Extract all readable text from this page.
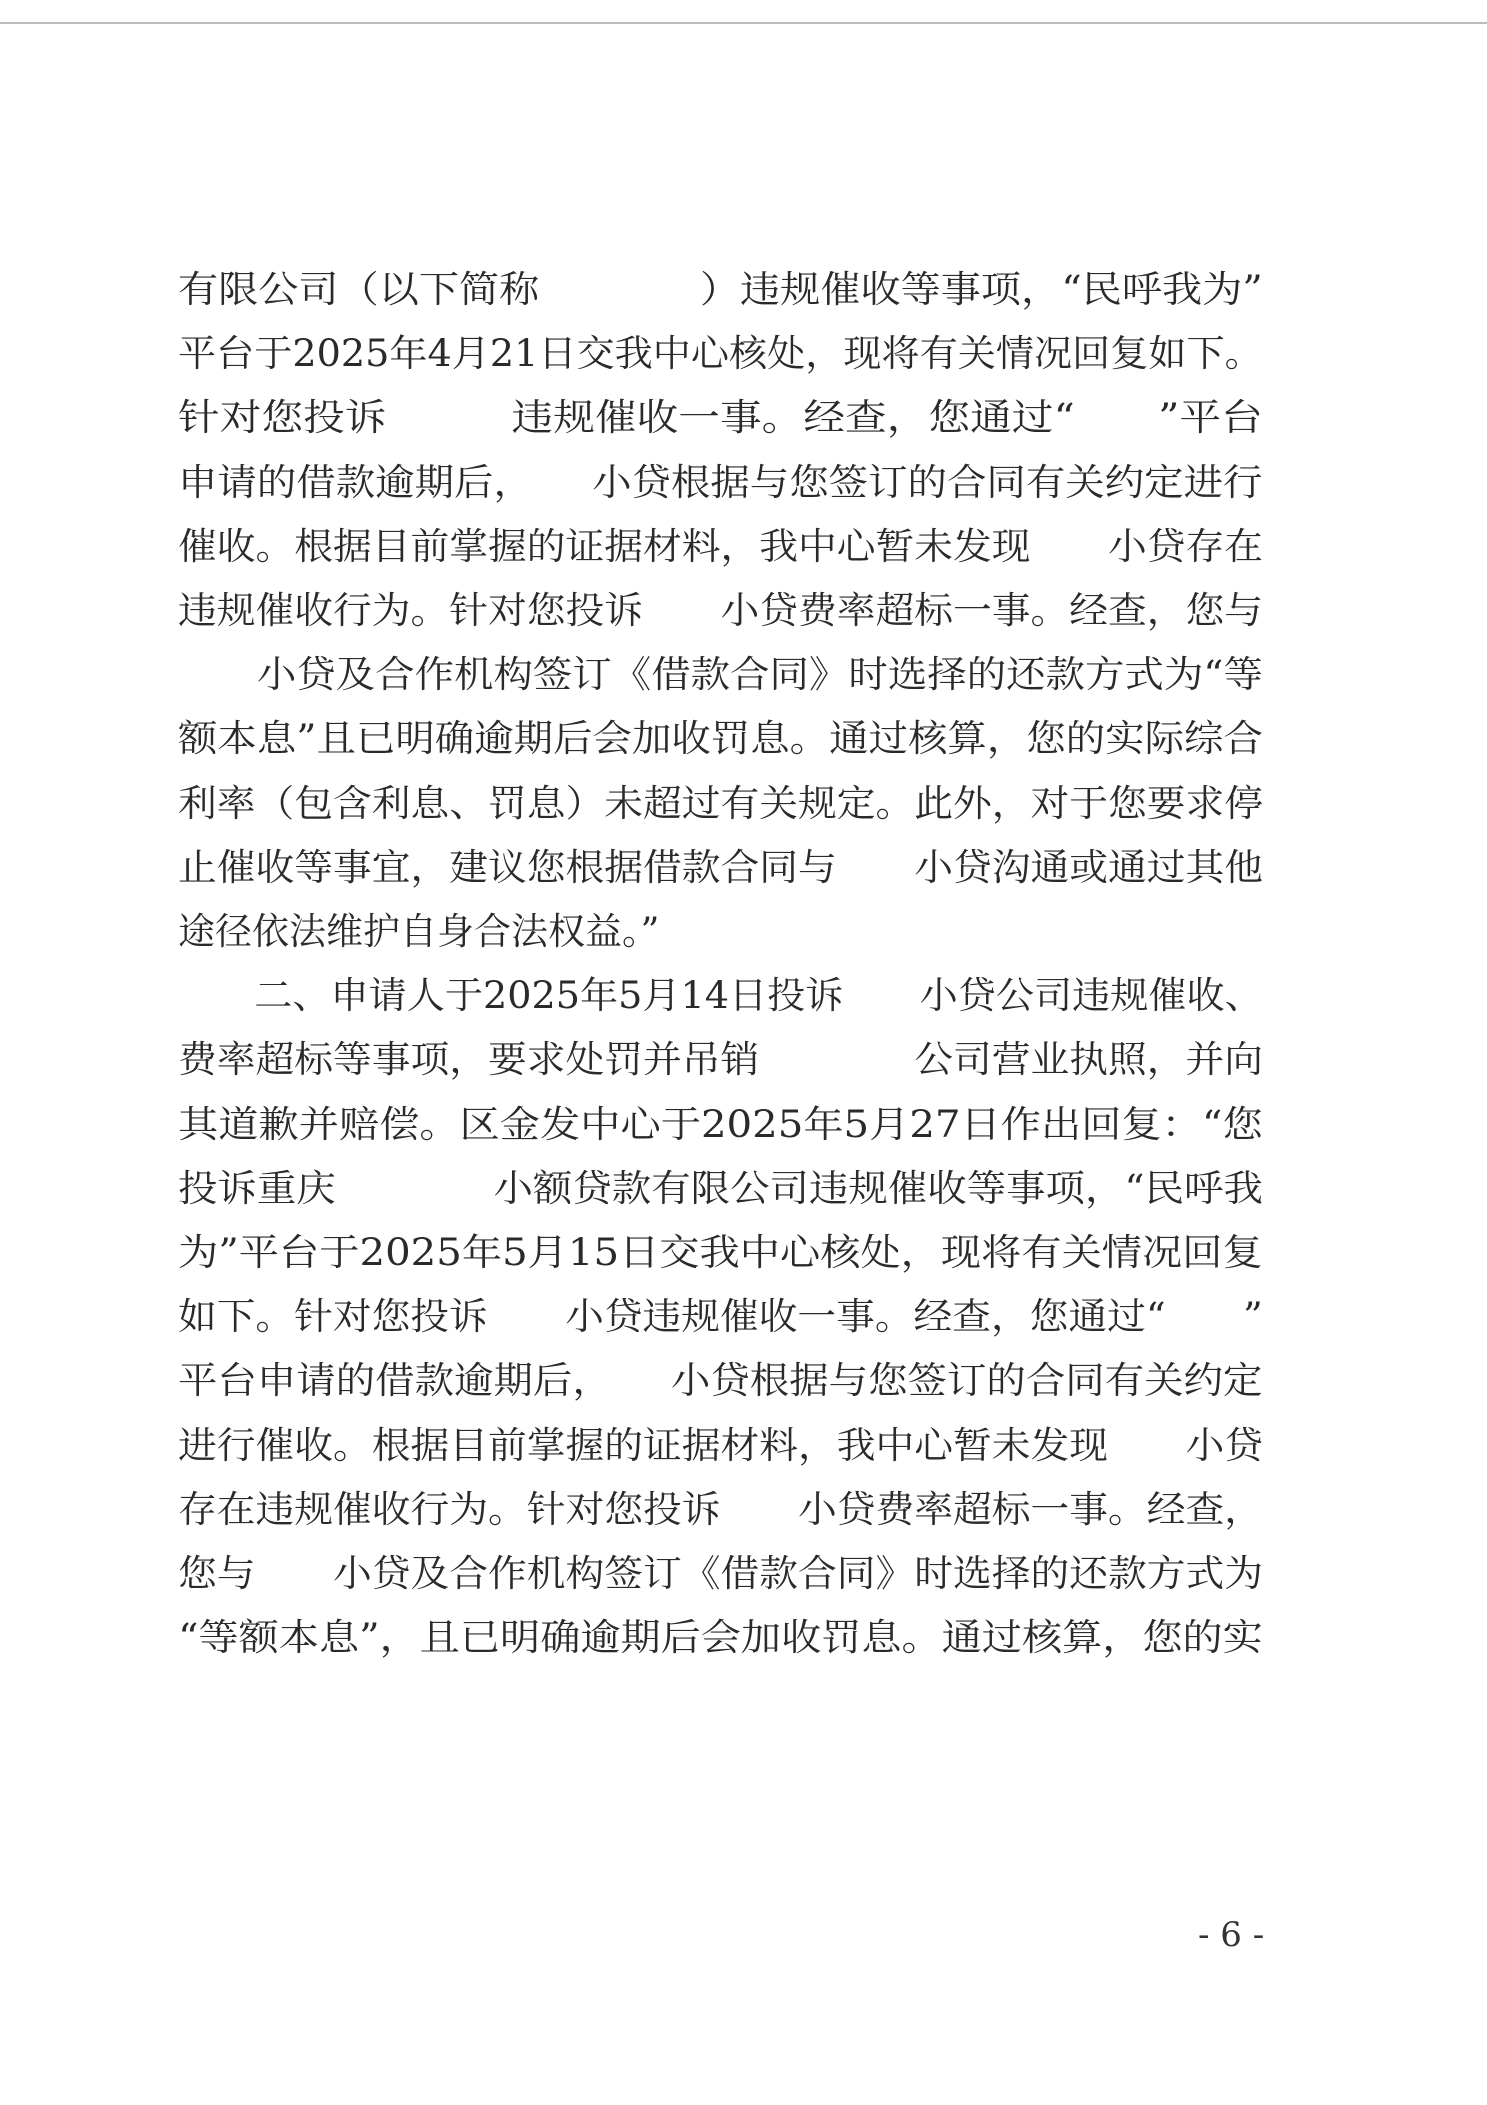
有限公司（以下简称　　　　）违规催收等事项，“民呼我为”
平台于2025年4月21日交我中心核处，现将有关情况回复如下。
针对您投诉　　　违规催收一事。经查，您通过“　　”平台
申请的借款逾期后，　　小贷根据与您签订的合同有关约定进行
催收。根据目前掌握的证据材料，我中心暂未发现　　小贷存在
违规催收行为。针对您投诉　　小贷费率超标一事。经查，您与
　　小贷及合作机构签订《借款合同》时选择的还款方式为“等
额本息”且已明确逾期后会加收罚息。通过核算，您的实际综合
利率（包含利息、罚息）未超过有关规定。此外，对于您要求停
止催收等事宜，建议您根据借款合同与　　小贷沟通或通过其他
途径依法维护自身合法权益。”
　　二、申请人于2025年5月14日投诉　　小贷公司违规催收、
费率超标等事项，要求处罚并吊销　　　　公司营业执照，并向
其道歉并赔偿。区金发中心于2025年5月27日作出回复：“您
投诉重庆　　　　小额贷款有限公司违规催收等事项，“民呼我
为”平台于2025年5月15日交我中心核处，现将有关情况回复
如下。针对您投诉　　小贷违规催收一事。经查，您通过“　　”
平台申请的借款逾期后，　　小贷根据与您签订的合同有关约定
进行催收。根据目前掌握的证据材料，我中心暂未发现　　小贷
存在违规催收行为。针对您投诉　　小贷费率超标一事。经查，
您与　　小贷及合作机构签订《借款合同》时选择的还款方式为
“等额本息”，且已明确逾期后会加收罚息。通过核算，您的实
- 6 -
